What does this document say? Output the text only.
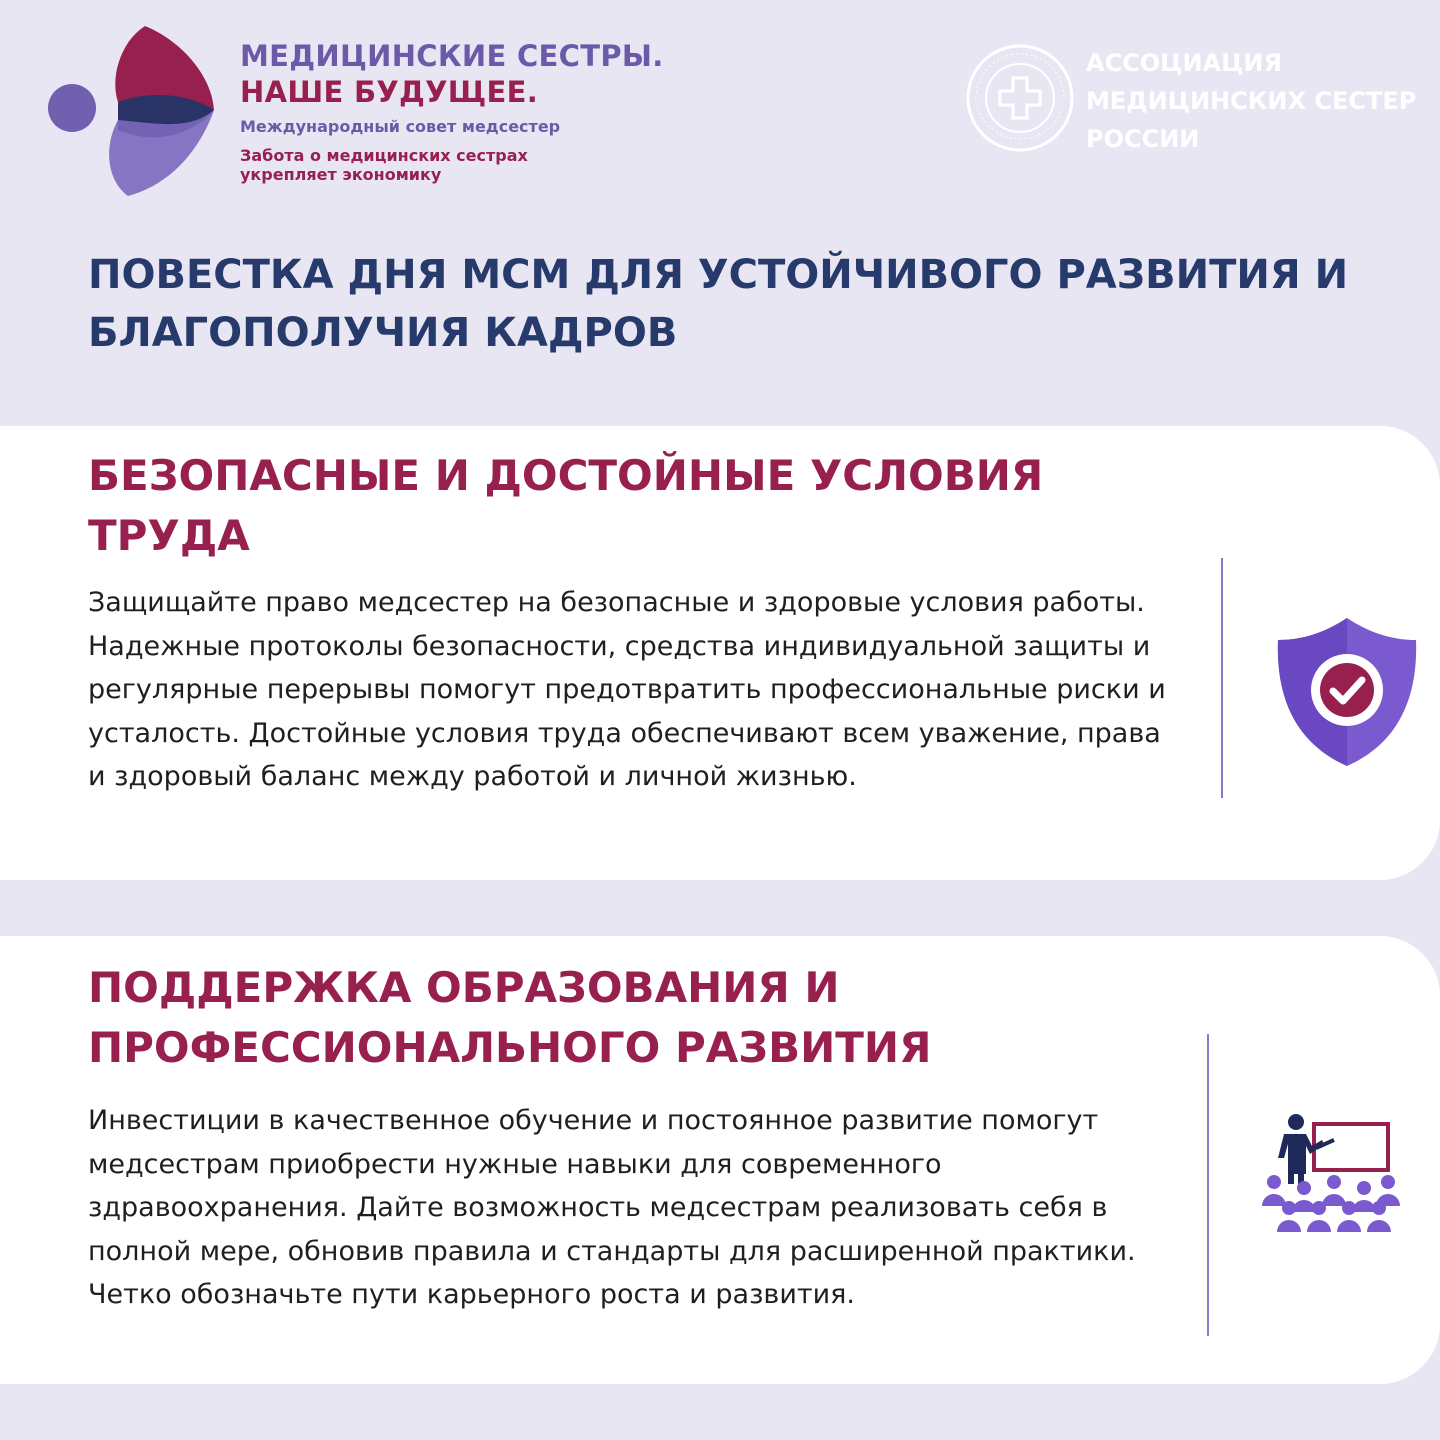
МЕДИЦИНСКИЕ СЕСТРЫ.
НАШЕ БУДУЩЕЕ.
Международный совет медсестер
Забота о медицинских сестрах укрепляет экономику
АССОЦИАЦИЯ
МЕДИЦИНСКИХ СЕСТЕР
РОССИИ
ПОВЕСТКА ДНЯ МСМ ДЛЯ УСТОЙЧИВОГО РАЗВИТИЯ И БЛАГОПОЛУЧИЯ КАДРОВ
БЕЗОПАСНЫЕ И ДОСТОЙНЫЕ УСЛОВИЯ ТРУДА
Защищайте право медсестер на безопасные и здоровые условия работы. Надежные протоколы безопасности, средства индивидуальной защиты и регулярные перерывы помогут предотвратить профессиональные риски и усталость. Достойные условия труда обеспечивают всем уважение, права и здоровый баланс между работой и личной жизнью.
ПОДДЕРЖКА ОБРАЗОВАНИЯ И ПРОФЕССИОНАЛЬНОГО РАЗВИТИЯ
Инвестиции в качественное обучение и постоянное развитие помогут медсестрам приобрести нужные навыки для современного здравоохранения. Дайте возможность медсестрам реализовать себя в полной мере, обновив правила и стандарты для расширенной практики. Четко обозначьте пути карьерного роста и развития.
